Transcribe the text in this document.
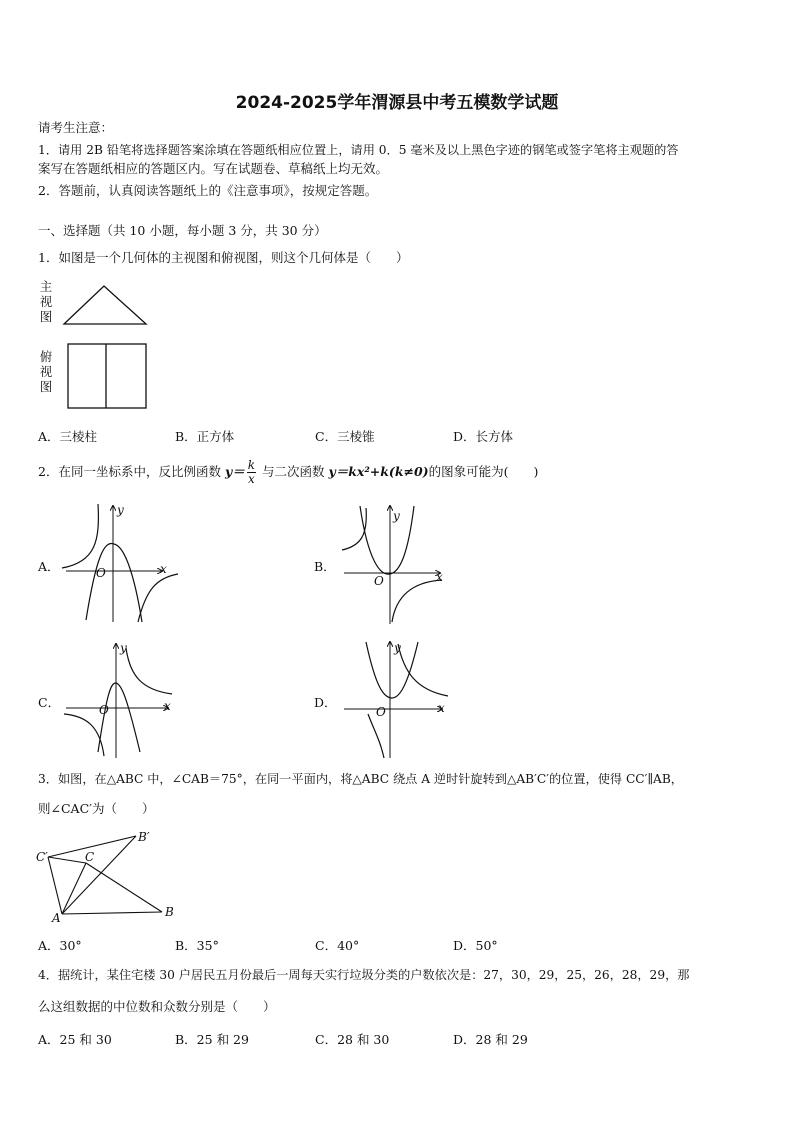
2024-2025学年渭源县中考五模数学试题
请考生注意：
1．请用 2B 铅笔将选择题答案涂填在答题纸相应位置上，请用 0．5 毫米及以上黑色字迹的钢笔或签字笔将主观题的答
案写在答题纸相应的答题区内。写在试题卷、草稿纸上均无效。
2．答题前，认真阅读答题纸上的《注意事项》，按规定答题。
一、选择题（共 10 小题，每小题 3 分，共 30 分）
1．如图是一个几何体的主视图和俯视图，则这个几何体是（　　）
主
视
图
俯
视
图
A．三棱柱	B．正方体	C．三棱锥	D．长方体
2．在同一坐标系中，反比例函数 $y= \frac{k}{x}$ 与二次函数 y＝kx²+k(k≠0)的图象可能为(　　)
A．	B．
C．	D．
y
x
O
y
x
O
y
x
O
y
x
O
3．如图，在△ABC 中，∠CAB＝75°，在同一平面内，将△ABC 绕点 A 逆时针旋转到△AB′C′的位置，使得 CC′∥AB，
则∠CAC′为（　　）
A	B
C
B′
C′
A．30°	B．35°	C．40°	D．50°
4．据统计，某住宅楼 30 户居民五月份最后一周每天实行垃圾分类的户数依次是：27，30，29，25，26，28，29，那
么这组数据的中位数和众数分别是（　　）
A．25 和 30	B．25 和 29	C．28 和 30	D．28 和 29
